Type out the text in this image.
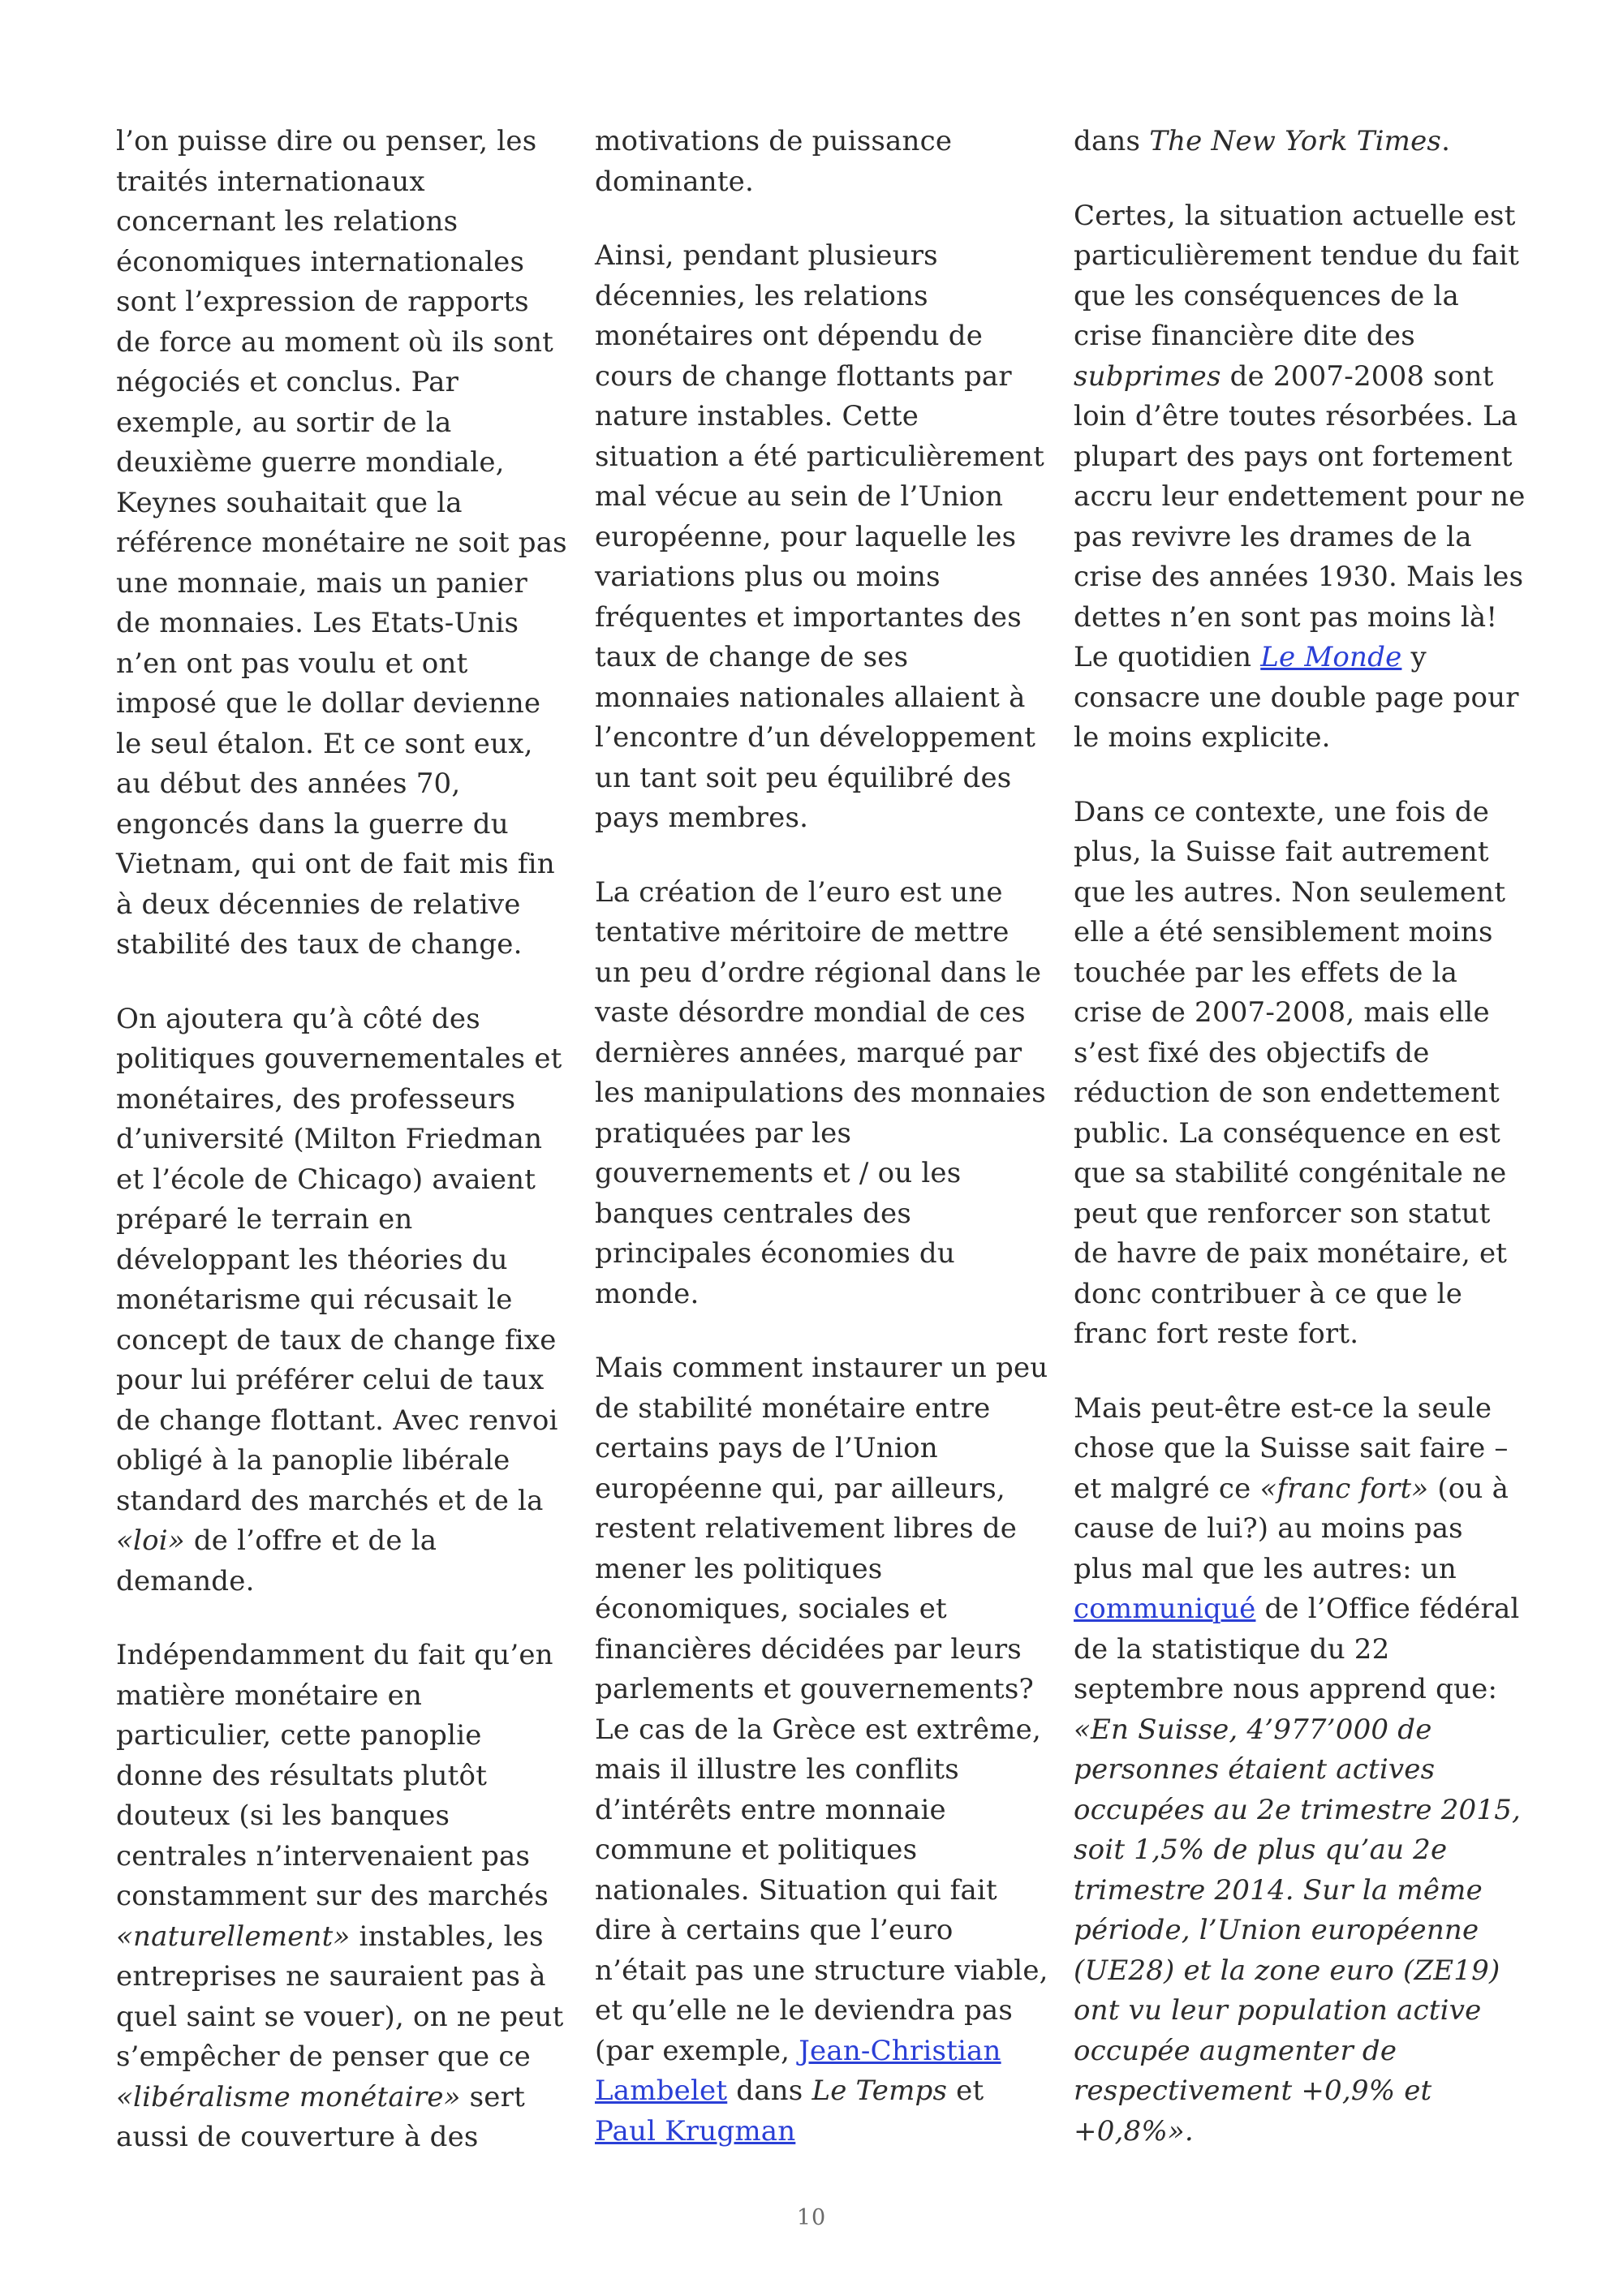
l’on puisse dire ou penser, les traités internationaux concernant les relations économiques internationales sont l’expression de rapports de force au moment où ils sont négociés et conclus. Par exemple, au sortir de la deuxième guerre mondiale, Keynes souhaitait que la référence monétaire ne soit pas une monnaie, mais un panier de monnaies. Les Etats-Unis n’en ont pas voulu et ont imposé que le dollar devienne le seul étalon. Et ce sont eux, au début des années 70, engoncés dans la guerre du Vietnam, qui ont de fait mis fin à deux décennies de relative stabilité des taux de change.

On ajoutera qu’à côté des politiques gouvernementales et monétaires, des professeurs d’université (Milton Friedman et l’école de Chicago) avaient préparé le terrain en développant les théories du monétarisme qui récusait le concept de taux de change fixe pour lui préférer celui de taux de change flottant. Avec renvoi obligé à la panoplie libérale standard des marchés et de la «loi» de l’offre et de la demande.

Indépendamment du fait qu’en matière monétaire en particulier, cette panoplie donne des résultats plutôt douteux (si les banques centrales n’intervenaient pas constamment sur des marchés «naturellement» instables, les entreprises ne sauraient pas à quel saint se vouer), on ne peut s’empêcher de penser que ce «libéralisme monétaire» sert aussi de couverture à des

motivations de puissance dominante.

Ainsi, pendant plusieurs décennies, les relations monétaires ont dépendu de cours de change flottants par nature instables. Cette situation a été particulièrement mal vécue au sein de l’Union européenne, pour laquelle les variations plus ou moins fréquentes et importantes des taux de change de ses monnaies nationales allaient à l’encontre d’un développement un tant soit peu équilibré des pays membres.

La création de l’euro est une tentative méritoire de mettre un peu d’ordre régional dans le vaste désordre mondial de ces dernières années, marqué par les manipulations des monnaies pratiquées par les gouvernements et / ou les banques centrales des principales économies du monde.

Mais comment instaurer un peu de stabilité monétaire entre certains pays de l’Union européenne qui, par ailleurs, restent relativement libres de mener les politiques économiques, sociales et financières décidées par leurs parlements et gouvernements? Le cas de la Grèce est extrême, mais il illustre les conflits d’intérêts entre monnaie commune et politiques nationales. Situation qui fait dire à certains que l’euro n’était pas une structure viable, et qu’elle ne le deviendra pas (par exemple, Jean-Christian Lambelet dans Le Temps et Paul Krugman

dans The New York Times.

Certes, la situation actuelle est particulièrement tendue du fait que les conséquences de la crise financière dite des subprimes de 2007-2008 sont loin d’être toutes résorbées. La plupart des pays ont fortement accru leur endettement pour ne pas revivre les drames de la crise des années 1930. Mais les dettes n’en sont pas moins là! Le quotidien Le Monde y consacre une double page pour le moins explicite.

Dans ce contexte, une fois de plus, la Suisse fait autrement que les autres. Non seulement elle a été sensiblement moins touchée par les effets de la crise de 2007-2008, mais elle s’est fixé des objectifs de réduction de son endettement public. La conséquence en est que sa stabilité congénitale ne peut que renforcer son statut de havre de paix monétaire, et donc contribuer à ce que le franc fort reste fort.

Mais peut-être est-ce la seule chose que la Suisse sait faire – et malgré ce «franc fort» (ou à cause de lui?) au moins pas plus mal que les autres: un communiqué de l’Office fédéral de la statistique du 22 septembre nous apprend que: «En Suisse, 4’977’000 de personnes étaient actives occupées au 2e trimestre 2015, soit 1,5% de plus qu’au 2e trimestre 2014. Sur la même période, l’Union européenne (UE28) et la zone euro (ZE19) ont vu leur population active occupée augmenter de respectivement +0,9% et +0,8%».

10
